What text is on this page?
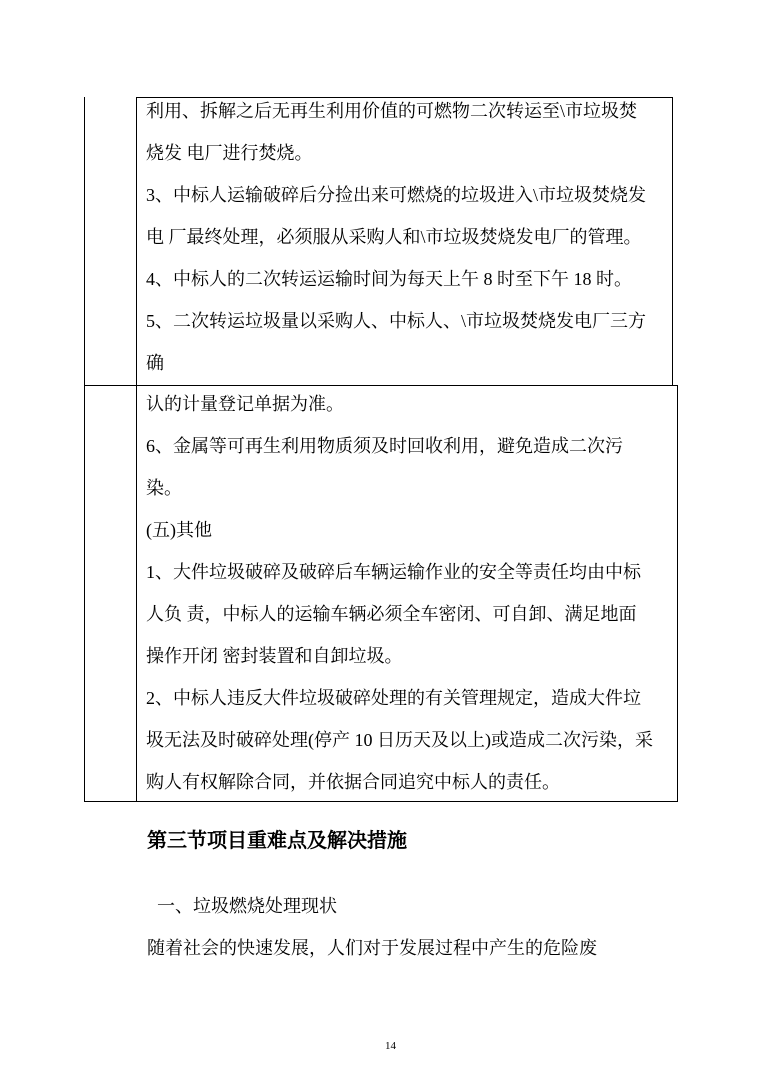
利用、拆解之后无再生利用价值的可燃物二次转运至\市垃圾焚
烧发 电厂进行焚烧。
3、中标人运输破碎后分捡出来可燃烧的垃圾进入\市垃圾焚烧发
电 厂最终处理，必须服从采购人和\市垃圾焚烧发电厂的管理。
4、中标人的二次转运运输时间为每天上午 8 时至下午 18 时。
5、二次转运垃圾量以采购人、中标人、\市垃圾焚烧发电厂三方
确
认的计量登记单据为准。
6、金属等可再生利用物质须及时回收利用，避免造成二次污
染。
(五)其他
1、大件垃圾破碎及破碎后车辆运输作业的安全等责任均由中标
人负 责，中标人的运输车辆必须全车密闭、可自卸、满足地面
操作开闭 密封装置和自卸垃圾。
2、中标人违反大件垃圾破碎处理的有关管理规定，造成大件垃
圾无法及时破碎处理(停产 10 日历天及以上)或造成二次污染，采
购人有权解除合同，并依据合同追究中标人的责任。
第三节项目重难点及解决措施
一、垃圾燃烧处理现状
随着社会的快速发展，人们对于发展过程中产生的危险废
14
